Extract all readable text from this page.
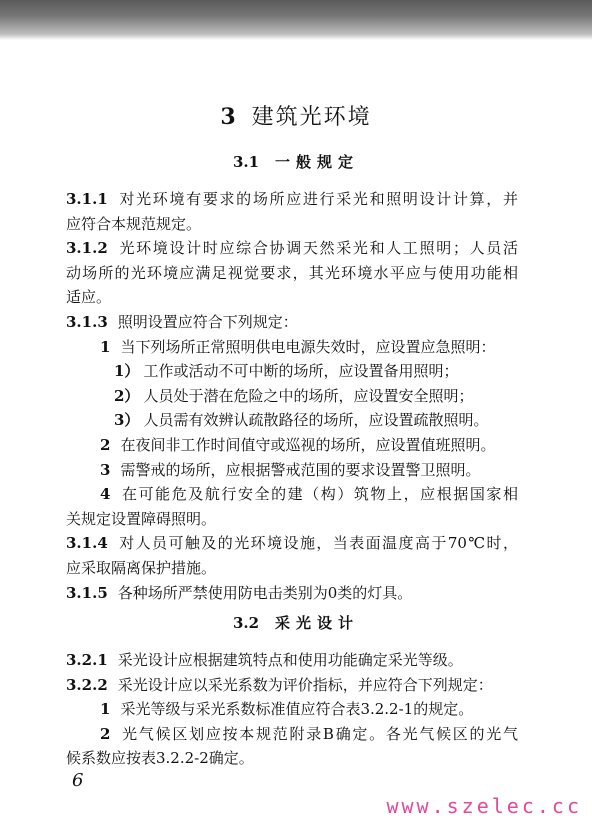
3 建筑光环境
3.1 一般规定
3.1.1 对光环境有要求的场所应进行采光和照明设计计算，并
应符合本规范规定。
3.1.2 光环境设计时应综合协调天然采光和人工照明；人员活
动场所的光环境应满足视觉要求，其光环境水平应与使用功能相
适应。
3.1.3 照明设置应符合下列规定：
1 当下列场所正常照明供电电源失效时，应设置应急照明：
1） 工作或活动不可中断的场所，应设置备用照明；
2） 人员处于潜在危险之中的场所，应设置安全照明；
3） 人员需有效辨认疏散路径的场所，应设置疏散照明。
2 在夜间非工作时间值守或巡视的场所，应设置值班照明。
3 需警戒的场所，应根据警戒范围的要求设置警卫照明。
4 在可能危及航行安全的建（构）筑物上，应根据国家相
关规定设置障碍照明。
3.1.4 对人员可触及的光环境设施，当表面温度高于70℃时，
应采取隔离保护措施。
3.1.5 各种场所严禁使用防电击类别为0类的灯具。
3.2 采光设计
3.2.1 采光设计应根据建筑特点和使用功能确定采光等级。
3.2.2 采光设计应以采光系数为评价指标，并应符合下列规定：
1 采光等级与采光系数标准值应符合表3.2.2-1的规定。
2 光气候区划应按本规范附录B确定。各光气候区的光气
候系数应按表3.2.2-2确定。
6
www.szelec.cc
